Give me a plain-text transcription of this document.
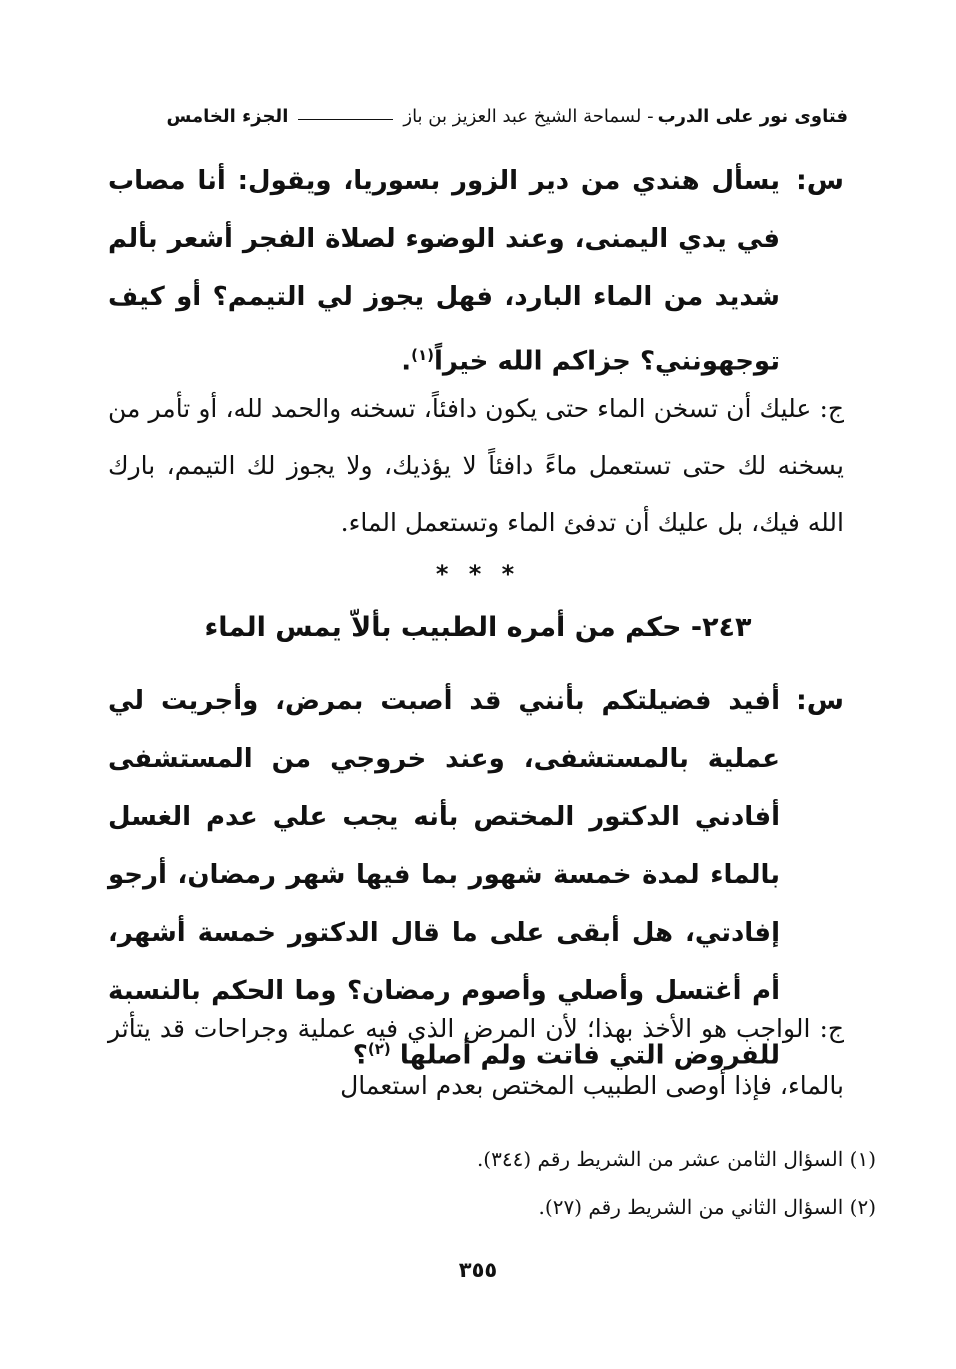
فتاوى نور على الدرب
- لسماحة الشيخ عبد العزيز بن باز
الجزء الخامس
س:
يسأل هندي من دير الزور بسوريا، ويقول: أنا مصاب في يدي اليمنى، وعند الوضوء لصلاة الفجر أشعر بألم شديد من الماء البارد، فهل يجوز لي التيمم؟ أو كيف توجهونني؟ جزاكم الله خيراً$^{(١)}$.
ج: عليك أن تسخن الماء حتى يكون دافئاً، تسخنه والحمد لله، أو تأمر من يسخنه لك حتى تستعمل ماءً دافئاً لا يؤذيك، ولا يجوز لك التيمم، بارك الله فيك، بل عليك أن تدفئ الماء وتستعمل الماء.
* * *
٢٤٣- حكم من أمره الطبيب بألاّ يمس الماء
س:
أفيد فضيلتكم بأنني قد أصبت بمرض، وأجريت لي عملية بالمستشفى، وعند خروجي من المستشفى أفادني الدكتور المختص بأنه يجب علي عدم الغسل بالماء لمدة خمسة شهور بما فيها شهر رمضان، أرجو إفادتي، هل أبقى على ما قال الدكتور خمسة أشهر، أم أغتسل وأصلي وأصوم رمضان؟ وما الحكم بالنسبة للفروض التي فاتت ولم أصلها $^{(٢)}$؟
ج: الواجب هو الأخذ بهذا؛ لأن المرض الذي فيه عملية وجراحات قد يتأثر بالماء، فإذا أوصى الطبيب المختص بعدم استعمال
(١) السؤال الثامن عشر من الشريط رقم (٣٤٤).
(٢) السؤال الثاني من الشريط رقم (٢٧).
٣٥٥
